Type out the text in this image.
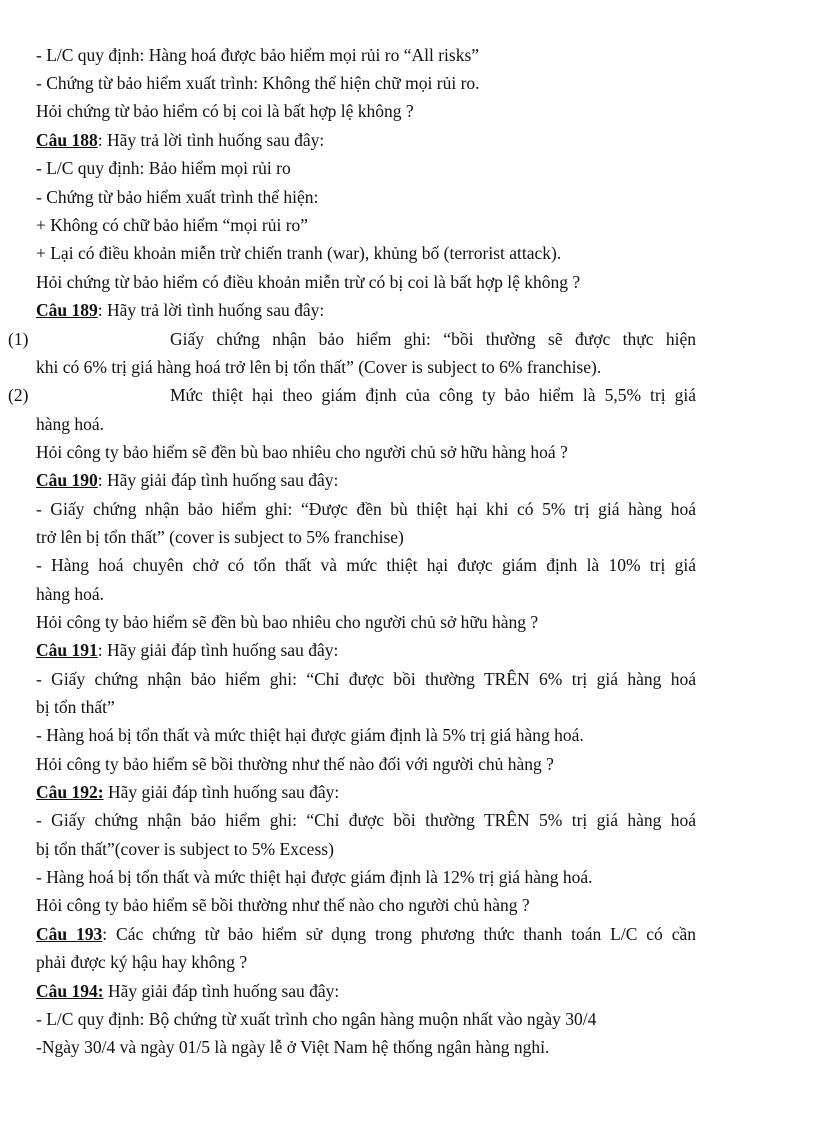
- L/C quy định: Hàng hoá được bảo hiểm mọi rủi ro “All risks”
- Chứng từ bảo hiểm xuất trình: Không thể hiện chữ mọi rủi ro.
Hỏi chứng từ bảo hiểm có bị coi là bất hợp lệ không ?
Câu 188: Hãy trả lời tình huống sau đây:
- L/C quy định: Bảo hiểm mọi rủi ro
- Chứng từ bảo hiểm xuất trình thể hiện:
+ Không có chữ bảo hiểm “mọi rủi ro”
+ Lại có điều khoản miễn trừ chiến tranh (war), khủng bố (terrorist attack).
Hỏi chứng từ bảo hiểm có điều khoản miễn trừ có bị coi là bất hợp lệ không ?
Câu 189: Hãy trả lời tình huống sau đây:
(1)	Giấy chứng nhận bảo hiểm ghi: “bồi thường sẽ được thực hiện
khi có 6% trị giá hàng hoá trở lên bị tổn thất” (Cover is subject to 6% franchise).
(2)	Mức thiệt hại theo giám định của công ty bảo hiểm là 5,5% trị giá
hàng hoá.
Hỏi công ty bảo hiểm sẽ đền bù bao nhiêu cho người chủ sở hữu hàng hoá ?
Câu 190: Hãy giải đáp tình huống sau đây:
- Giấy chứng nhận bảo hiểm ghi: “Được đền bù thiệt hại khi có 5% trị giá hàng hoá
trở lên bị tổn thất” (cover is subject to 5% franchise)
- Hàng hoá chuyên chở có tổn thất và mức thiệt hại được giám định là 10% trị giá
hàng hoá.
Hỏi công ty bảo hiểm sẽ đền bù bao nhiêu cho người chủ sở hữu hàng ?
Câu 191: Hãy giải đáp tình huống sau đây:
- Giấy chứng nhận bảo hiểm ghi: “Chỉ được bồi thường TRÊN 6% trị giá hàng hoá
bị tổn thất”
- Hàng hoá bị tổn thất và mức thiệt hại được giám định là 5% trị giá hàng hoá.
Hỏi công ty bảo hiểm sẽ bồi thường như thế nào đối với người chủ hàng ?
Câu 192: Hãy giải đáp tình huống sau đây:
- Giấy chứng nhận bảo hiểm ghi: “Chỉ được bồi thường TRÊN 5% trị giá hàng hoá
bị tổn thất”(cover is subject to 5% Excess)
- Hàng hoá bị tổn thất và mức thiệt hại được giám định là 12% trị giá hàng hoá.
Hỏi công ty bảo hiểm sẽ bồi thường như thế nào cho người chủ hàng ?
Câu 193: Các chứng từ bảo hiểm sử dụng trong phương thức thanh toán L/C có cần
phải được ký hậu hay không ?
Câu 194: Hãy giải đáp tình huống sau đây:
- L/C quy định: Bộ chứng từ xuất trình cho ngân hàng muộn nhất vào ngày 30/4
-Ngày 30/4 và ngày 01/5 là ngày lễ ở Việt Nam hệ thống ngân hàng nghỉ.
